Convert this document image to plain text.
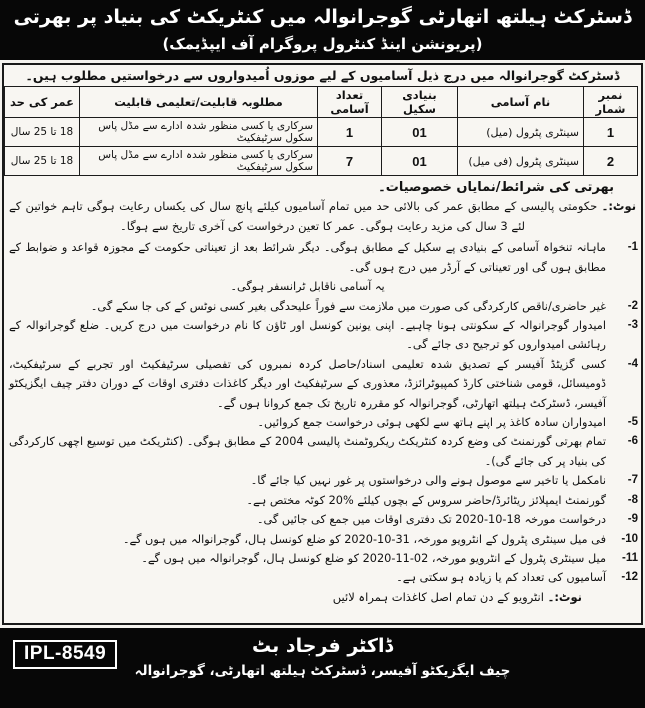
ڈسٹرکٹ ہیلتھ اتھارٹی گوجرانوالہ میں کنٹریکٹ کی بنیاد پر بھرتی
(پریونشن اینڈ کنٹرول پروگرام آف ایپڈیمک)
ڈسٹرکٹ گوجرانوالہ میں درج ذیل آسامیوں کے لیے موزوں اُمیدواروں سے درخواستیں مطلوب ہیں۔
نمبر شمار	نام آسامی	بنیادی سکیل	تعداد آسامی	مطلوبہ قابلیت/تعلیمی قابلیت	عمر کی حد
1	سینٹری پٹرول (میل)	01	1	سرکاری یا کسی منظور شدہ ادارے سے مڈل پاس سکول سرٹیفکیٹ	18 تا 25 سال
2	سینٹری پٹرول (فی میل)	01	7	سرکاری یا کسی منظور شدہ ادارے سے مڈل پاس سکول سرٹیفکیٹ	18 تا 25 سال
بھرتی کی شرائط/نمایاں خصوصیات۔
نوٹ:۔ حکومتی پالیسی کے مطابق عمر کی بالائی حد میں تمام آسامیوں کیلئے پانچ سال کی یکساں رعایت ہوگی تاہم خواتین کے لئے 3 سال کی مزید رعایت ہوگی۔ عمر کا تعین درخواست کی آخری تاریخ سے ہوگا۔
1-
ماہانہ تنخواہ آسامی کے بنیادی پے سکیل کے مطابق ہوگی۔ دیگر شرائط بعد از تعیناتی حکومت کے مجوزہ قواعد و ضوابط کے مطابق ہوں گی اور تعیناتی کے آرڈر میں درج ہوں گی۔
یہ آسامی ناقابل ٹرانسفر ہوگی۔
2-
غیر حاضری/ناقص کارکردگی کی صورت میں ملازمت سے فوراً علیحدگی بغیر کسی نوٹس کے کی جا سکے گی۔
3-
امیدوار گوجرانوالہ کے سکونتی ہونا چاہیے۔ اپنی یونین کونسل اور ٹاؤن کا نام درخواست میں درج کریں۔ ضلع گوجرانوالہ کے رہائشی امیدواروں کو ترجیح دی جائے گی۔
4-
کسی گزیٹڈ آفیسر کے تصدیق شدہ تعلیمی اسناد/حاصل کردہ نمبروں کی تفصیلی سرٹیفکیٹ اور تجربے کے سرٹیفکیٹ، ڈومیسائل، قومی شناختی کارڈ کمپیوٹرائزڈ، معذوری کے سرٹیفکیٹ اور دیگر کاغذات دفتری اوقات کے دوران دفتر چیف ایگزیکٹو آفیسر، ڈسٹرکٹ ہیلتھ اتھارٹی، گوجرانوالہ کو مقررہ تاریخ تک جمع کروانا ہوں گے۔
5-
امیدواران سادہ کاغذ پر اپنے ہاتھ سے لکھی ہوئی درخواست جمع کروائیں۔
6-
تمام بھرتی گورنمنٹ کی وضع کردہ کنٹریکٹ ریکروٹمنٹ پالیسی 2004 کے مطابق ہوگی۔ (کنٹریکٹ میں توسیع اچھی کارکردگی کی بنیاد پر کی جائے گی)۔
7-
نامکمل یا تاخیر سے موصول ہونے والی درخواستوں پر غور نہیں کیا جائے گا۔
8-
گورنمنٹ ایمپلائز ریٹائرڈ/حاضر سروس کے بچوں کیلئے %20 کوٹہ مختص ہے۔
9-
درخواست مورخہ 18-10-2020 تک دفتری اوقات میں جمع کی جائیں گی۔
10-
فی میل سینٹری پٹرول کے انٹرویو مورخہ، 31-10-2020 کو ضلع کونسل ہال، گوجرانوالہ میں ہوں گے۔
11-
میل سینٹری پٹرول کے انٹرویو مورخہ، 02-11-2020 کو ضلع کونسل ہال، گوجرانوالہ میں ہوں گے۔
12-
آسامیوں کی تعداد کم یا زیادہ ہو سکتی ہے۔
نوٹ:۔ انٹرویو کے دن تمام اصل کاغذات ہمراہ لائیں
IPL-8549	ڈاکٹر فرجاد بٹ
چیف ایگزیکٹو آفیسر، ڈسٹرکٹ ہیلتھ اتھارٹی، گوجرانوالہ
